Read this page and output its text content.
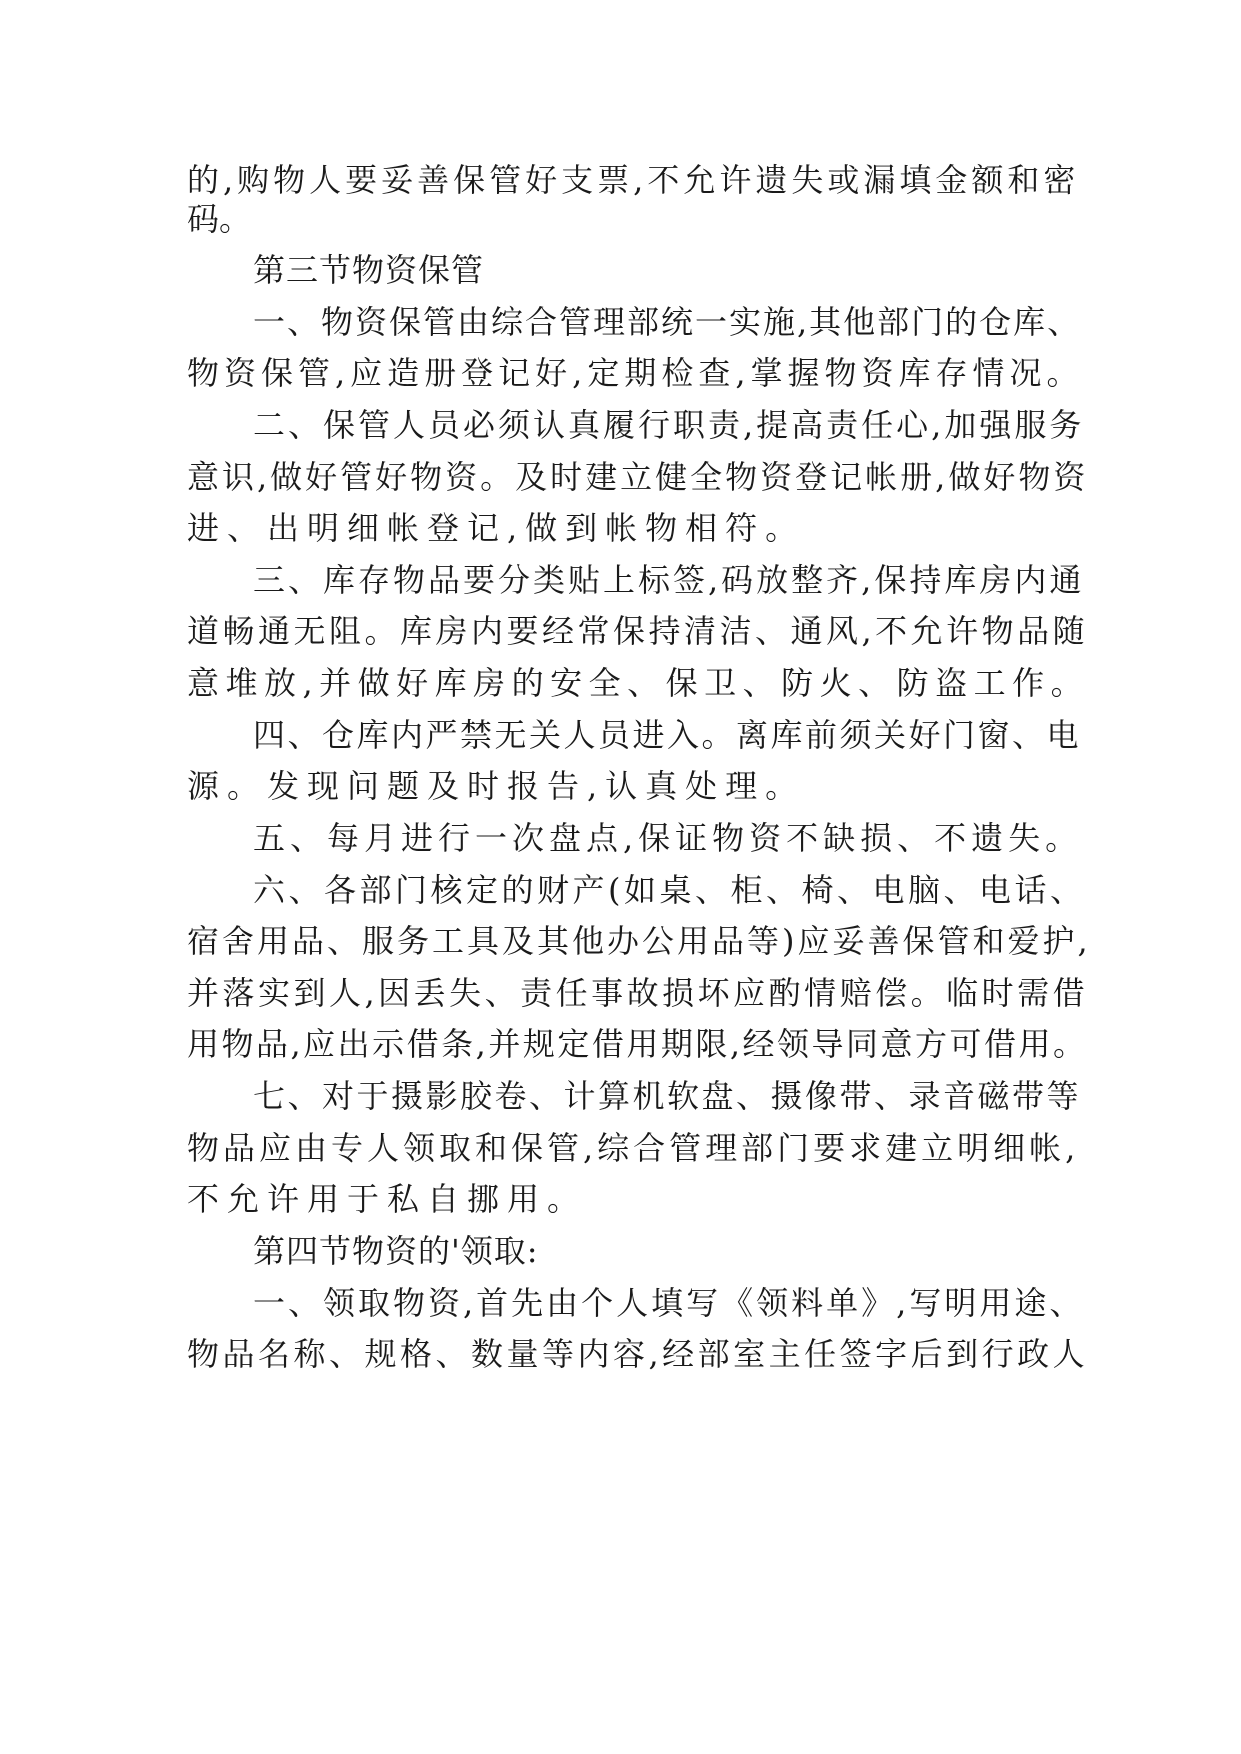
的,购物人要妥善保管好支票,不允许遗失或漏填金额和密
码。
第三节物资保管
一、物资保管由综合管理部统一实施,其他部门的仓库、
物资保管,应造册登记好,定期检查,掌握物资库存情况。
二、保管人员必须认真履行职责,提高责任心,加强服务
意识,做好管好物资。及时建立健全物资登记帐册,做好物资
进、出明细帐登记,做到帐物相符。
三、库存物品要分类贴上标签,码放整齐,保持库房内通
道畅通无阻。库房内要经常保持清洁、通风,不允许物品随
意堆放,并做好库房的安全、保卫、防火、防盗工作。
四、仓库内严禁无关人员进入。离库前须关好门窗、电
源。发现问题及时报告,认真处理。
五、每月进行一次盘点,保证物资不缺损、不遗失。
六、各部门核定的财产(如桌、柜、椅、电脑、电话、
宿舍用品、服务工具及其他办公用品等)应妥善保管和爱护,
并落实到人,因丢失、责任事故损坏应酌情赔偿。临时需借
用物品,应出示借条,并规定借用期限,经领导同意方可借用。
七、对于摄影胶卷、计算机软盘、摄像带、录音磁带等
物品应由专人领取和保管,综合管理部门要求建立明细帐,
不允许用于私自挪用。
第四节物资的'领取:
一、领取物资,首先由个人填写《领料单》,写明用途、
物品名称、规格、数量等内容,经部室主任签字后到行政人
